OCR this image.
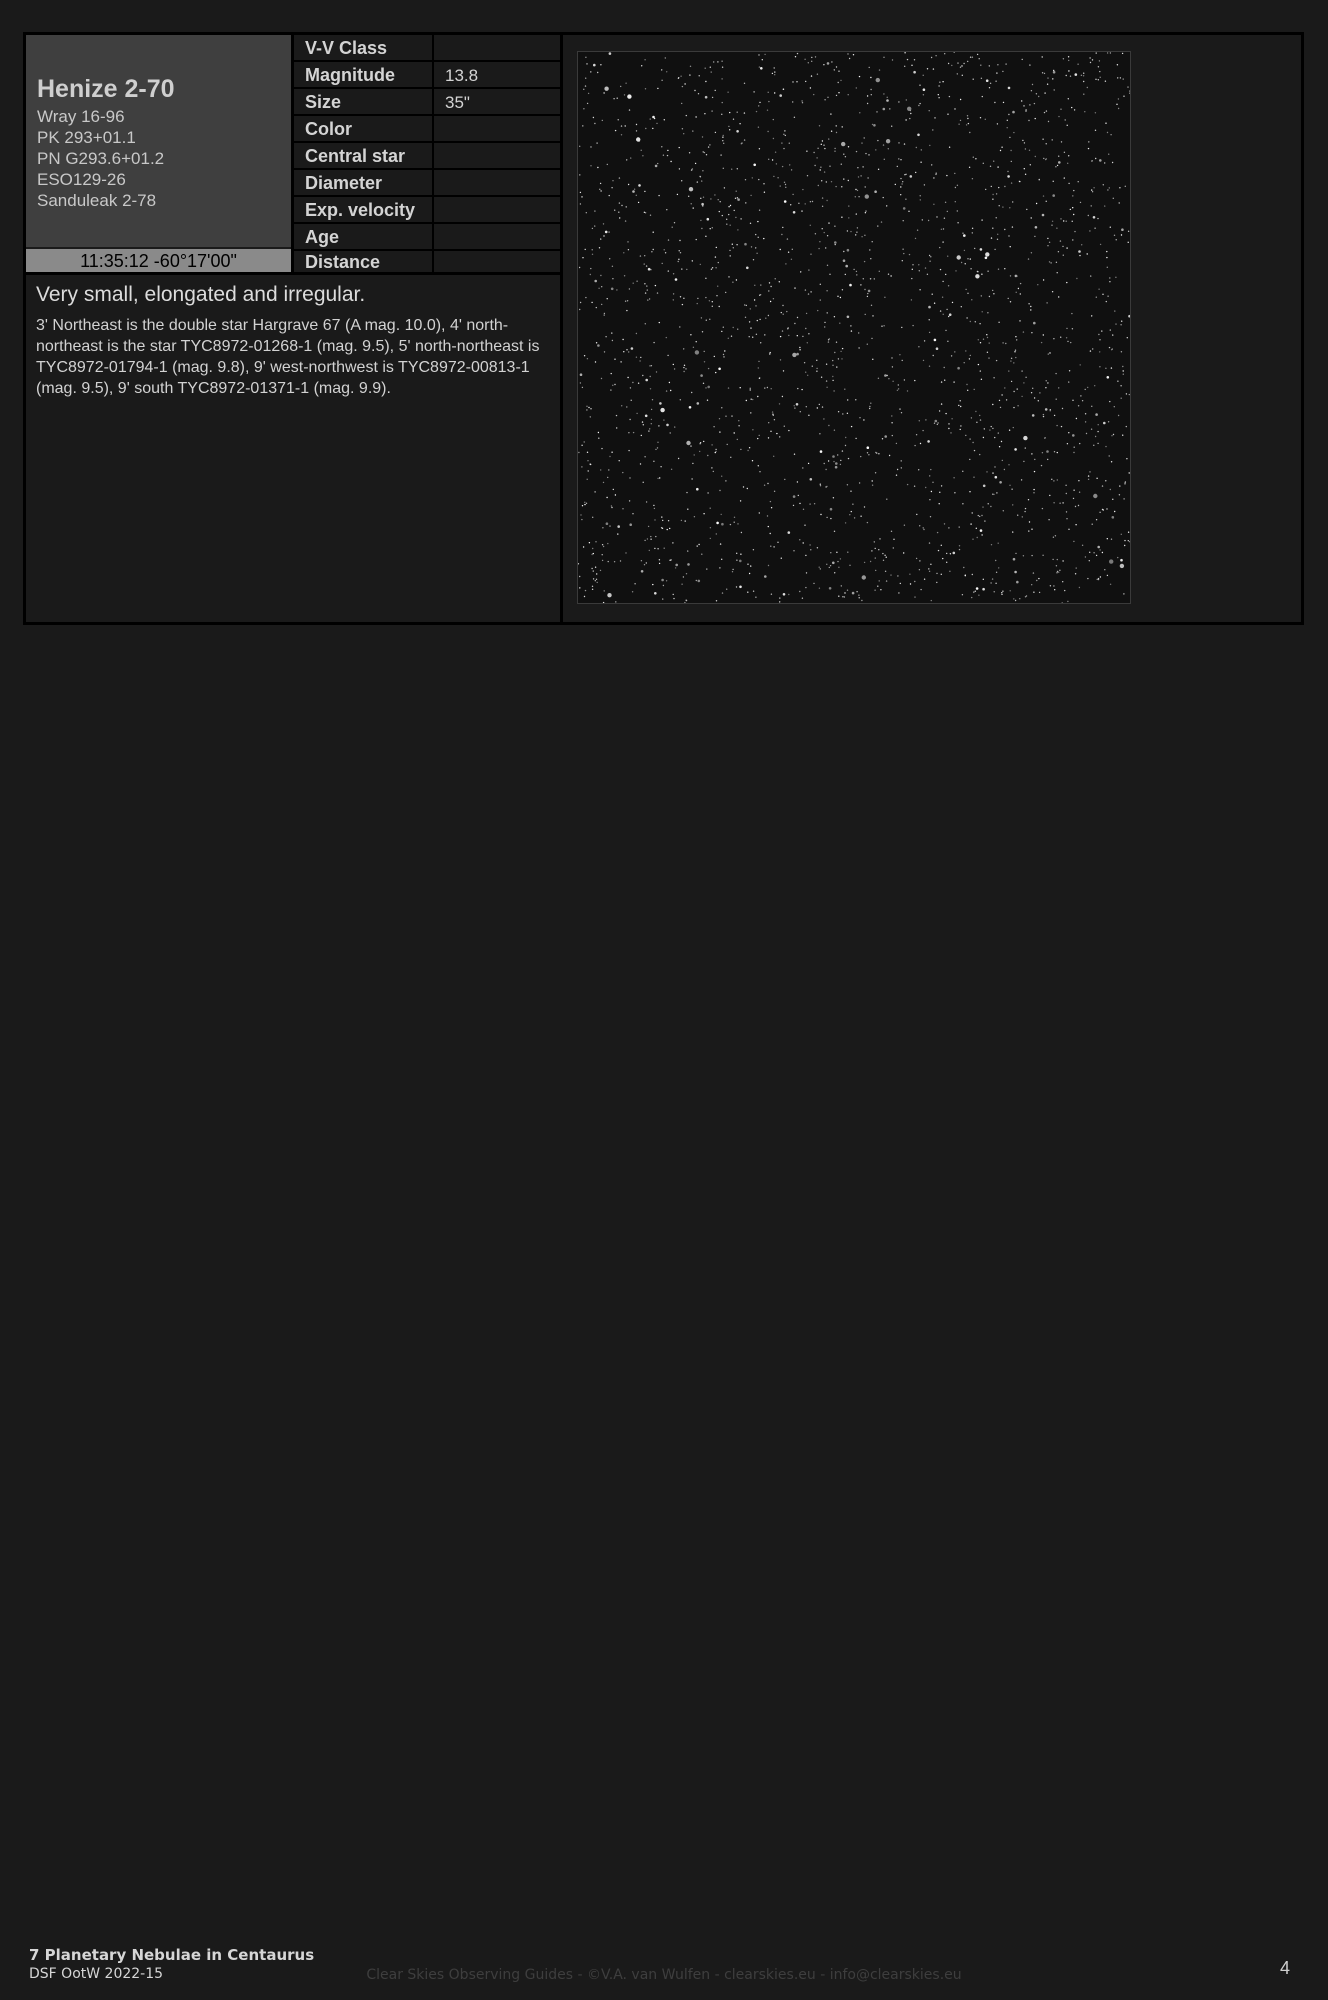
Henize 2-70
Wray 16-96
PK 293+01.1
PN G293.6+01.2
ESO129-26
Sanduleak 2-78
11:35:12 -60°17'00"
V-V Class
Magnitude	13.8
Size	35"
Color
Central star
Diameter
Exp. velocity
Age
Distance
Very small, elongated and irregular.
3' Northeast is the double star Hargrave 67 (A mag. 10.0), 4' north-northeast is the star TYC8972-01268-1 (mag. 9.5), 5' north-northeast is TYC8972-01794-1 (mag. 9.8), 9' west-northwest is TYC8972-00813-1 (mag. 9.5), 9' south TYC8972-01371-1 (mag. 9.9).
7 Planetary Nebulae in Centaurus
DSF OotW 2022-15	Clear Skies Observing Guides - ©V.A. van Wulfen - clearskies.eu - info@clearskies.eu	4
